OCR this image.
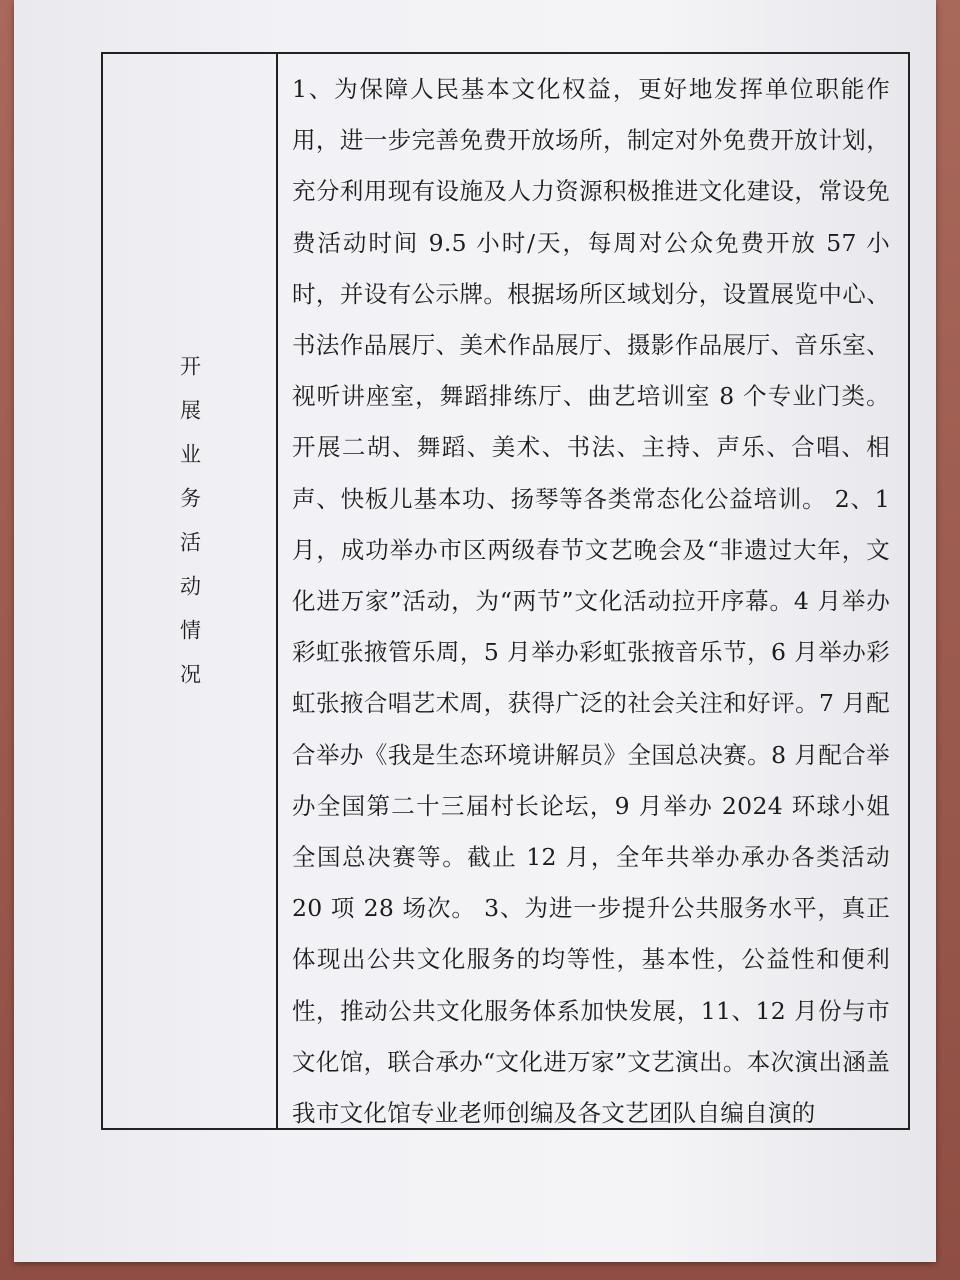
开展业务活动情况

1、为保障人民基本文化权益，更好地发挥单位职能作用，进一步完善免费开放场所，制定对外免费开放计划，充分利用现有设施及人力资源积极推进文化建设，常设免费活动时间 9.5 小时/天，每周对公众免费开放 57 小时，并设有公示牌。根据场所区域划分，设置展览中心、书法作品展厅、美术作品展厅、摄影作品展厅、音乐室、视听讲座室，舞蹈排练厅、曲艺培训室 8 个专业门类。开展二胡、舞蹈、美术、书法、主持、声乐、合唱、相声、快板儿基本功、扬琴等各类常态化公益培训。 2、1 月，成功举办市区两级春节文艺晚会及“非遗过大年，文化进万家”活动，为“两节”文化活动拉开序幕。4 月举办彩虹张掖管乐周，5 月举办彩虹张掖音乐节，6 月举办彩虹张掖合唱艺术周，获得广泛的社会关注和好评。7 月配合举办《我是生态环境讲解员》全国总决赛。8 月配合举办全国第二十三届村长论坛，9 月举办 2024 环球小姐全国总决赛等。截止 12 月，全年共举办承办各类活动 20 项 28 场次。 3、为进一步提升公共服务水平，真正体现出公共文化服务的均等性，基本性，公益性和便利性，推动公共文化服务体系加快发展，11、12 月份与市文化馆，联合承办“文化进万家”文艺演出。本次演出涵盖我市文化馆专业老师创编及各文艺团队自编自演的
